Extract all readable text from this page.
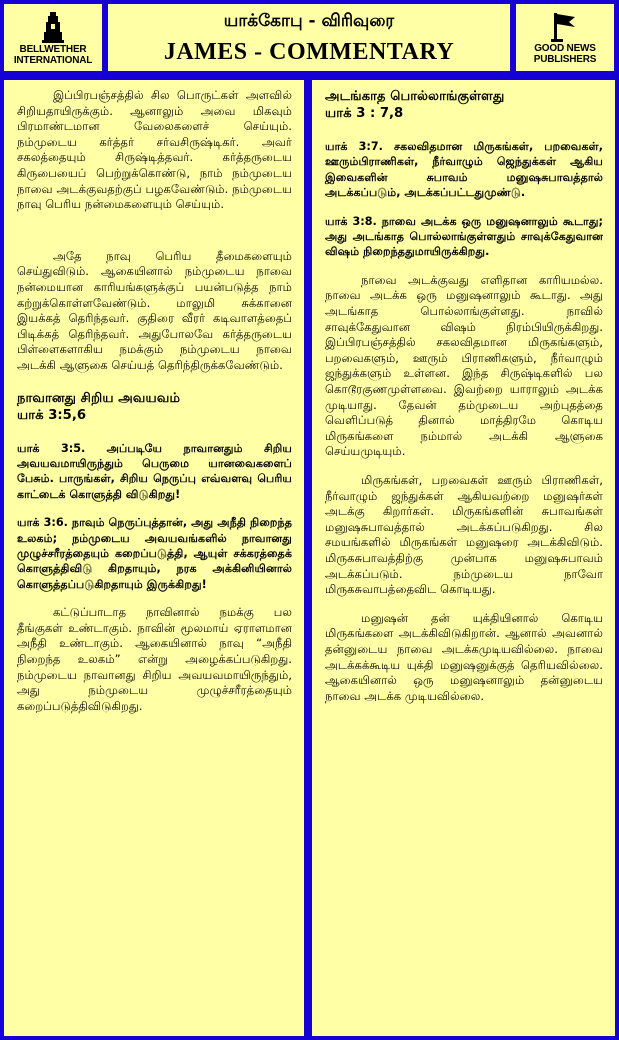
BELLWETHER
INTERNATIONAL
யாக்கோபு - விரிவுரை
JAMES - COMMENTARY	GOOD NEWS
PUBLISHERS

இப்பிரபஞ்சத்தில் சில பொருட்கள் அளவில் சிறியதாயிருக்கும். ஆனாலும் அவை மிகவும் பிரமாண்டமான வேலைகளைச் செய்யும். நம்முடைய கர்த்தர் சர்வசிருஷ்டிகர். அவர் சகலத்தையும் சிருஷ்டித்தவர். கர்த்தருடைய கிருபையைப் பெற்றுக்கொண்டு, நாம் நம்முடைய நாவை அடக்குவதற்குப் பழகவேண்டும். நம்முடைய நாவு பெரிய நன்மைகளையும் செய்யும்.

அதே நாவு பெரிய தீமைகளையும் செய்துவிடும். ஆகையினால் நம்முடைய நாவை நன்மையான காரியங்களுக்குப் பயன்படுத்த நாம் கற்றுக்கொள்ளவேண்டும். மாலுமி சுக்கானை இயக்கத் தெரிந்தவர். குதிரை வீரர் கடிவாளத்தைப் பிடிக்கத் தெரிந்தவர். அதுபோலவே கர்த்தருடைய பிள்ளைகளாகிய நமக்கும் நம்முடைய நாவை அடக்கி ஆளுகை செய்யத் தெரிந்திருக்கவேண்டும்.

நாவானது சிறிய அவயவம்
யாக் 3:5,6

யாக் 3:5. அப்படியே நாவானதும் சிறிய அவயவமாயிருந்தும் பெருமை யானவைகளைப் பேசும். பாருங்கள், சிறிய நெருப்பு எவ்வளவு பெரிய காட்டைக் கொளுத்தி விடுகிறது!

யாக் 3:6. நாவும் நெருப்புத்தான், அது அநீதி நிறைந்த உலகம்; நம்முடைய அவயவங்களில் நாவானது முழுச்சரீரத்தையும் கறைப்படுத்தி, ஆயுள் சக்கரத்தைக் கொளுத்திவிடு கிறதாயும், நரக அக்கினியினால் கொளுத்தப்படுகிறதாயும் இருக்கிறது!

கட்டுப்பாடாத நாவினால் நமக்கு பல தீங்குகள் உண்டாகும். நாவின் மூலமாய் ஏராளமான அநீதி உண்டாகும். ஆகையினால் நாவு “அநீதி நிறைந்த உலகம்” என்று அழைக்கப்படுகிறது. நம்முடைய நாவானது சிறிய அவயவமாயிருந்தும், அது நம்முடைய முழுச்சரீரத்தையும் கறைப்படுத்திவிடுகிறது.

அடங்காத பொல்லாங்குள்ளது
யாக் 3 : 7,8

யாக் 3:7. சகலவிதமான மிருகங்கள், பறவைகள், ஊரும்பிராணிகள், நீர்வாழும் ஜெந்துக்கள் ஆகிய இவைகளின் சுபாவம் மனுஷசுபாவத்தால் அடக்கப்படும், அடக்கப்பட்டதுமுண்டு.

யாக் 3:8. நாவை அடக்க ஒரு மனுஷனாலும் கூடாது; அது அடங்காத பொல்லாங்குள்ளதும் சாவுக்கேதுவான விஷம் நிறைந்ததுமாயிருக்கிறது.

நாவை அடக்குவது எளிதான காரியமல்ல. நாவை அடக்க ஒரு மனுஷனாலும் கூடாது. அது அடங்காத பொல்லாங்குள்ளது. நாவில் சாவுக்கேதுவான விஷம் நிரம்பியிருக்கிறது. இப்பிரபஞ்சத்தில் சகலவிதமான மிருகங்களும், பறவைகளும், ஊரும் பிராணிகளும், நீர்வாழும் ஜந்துக்களும் உள்ளன. இந்த சிருஷ்டிகளில் பல கொடூரகுணமுள்ளவை. இவற்றை யாராலும் அடக்க முடியாது. தேவன் தம்முடைய அற்புதத்தை வெளிப்படுத் தினால் மாத்திரமே கொடிய மிருகங்களை நம்மால் அடக்கி ஆளுகை செய்யமுடியும்.

மிருகங்கள், பறவைகள் ஊரும் பிராணிகள், நீர்வாழும் ஜந்துக்கள் ஆகியவற்றை மனுஷர்கள் அடக்கு கிறார்கள். மிருகங்களின் சுபாவங்கள் மனுஷசுபாவத்தால் அடக்கப்படுகிறது. சில சமயங்களில் மிருகங்கள் மனுஷரை அடக்கிவிடும். மிருகசுபாவத்திற்கு முன்பாக மனுஷசுபாவம் அடக்கப்படும். நம்முடைய நாவோ மிருகசுவாபத்தைவிட கொடியது.

மனுஷன் தன் யுக்தியினால் கொடிய மிருகங்களை அடக்கிவிடுகிறான். ஆனால் அவனால் தன்னுடைய நாவை அடக்கமுடியவில்லை. நாவை அடக்கக்கூடிய யுக்தி மனுஷனுக்குத் தெரியவில்லை. ஆகையினால் ஒரு மனுஷனாலும் தன்னுடைய நாவை அடக்க முடியவில்லை.
